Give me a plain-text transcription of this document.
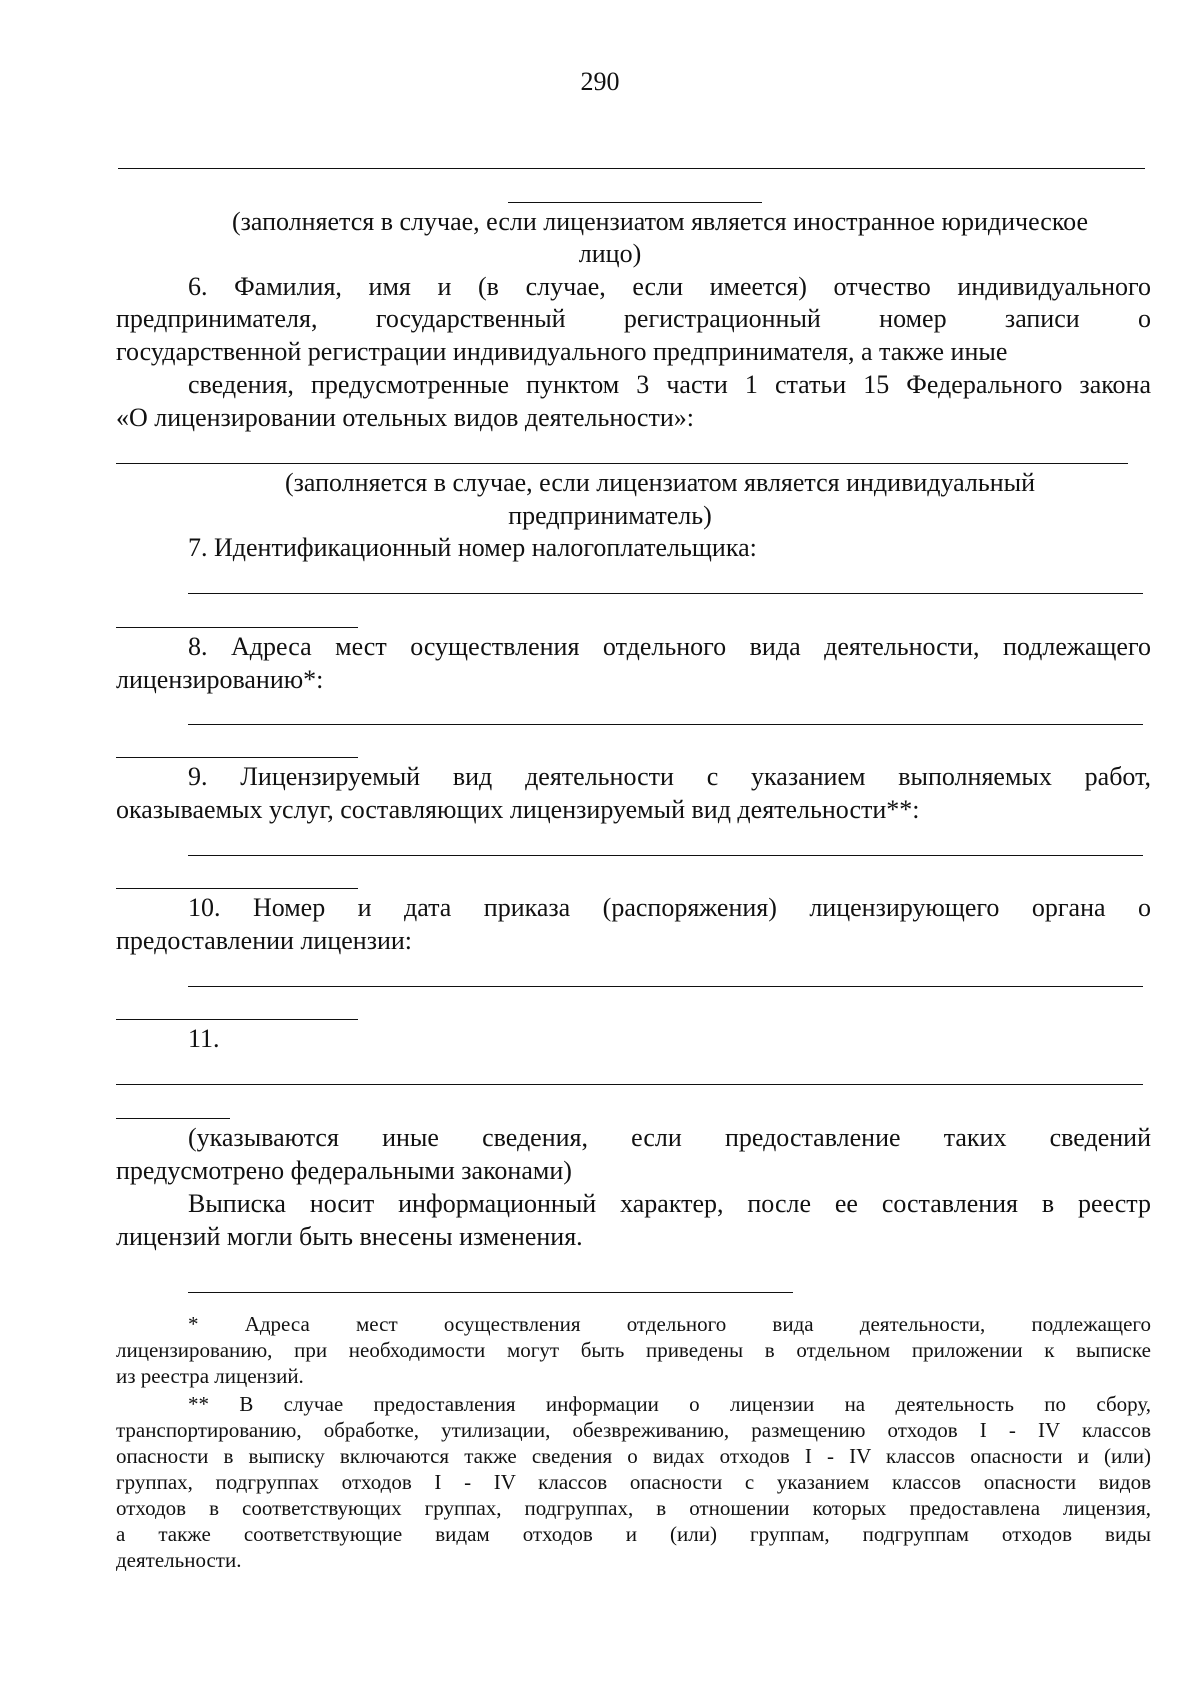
290
(заполняется в случае, если лицензиатом является иностранное юридическое
лицо)
6. Фамилия, имя и (в случае, если имеется) отчество индивидуального
предпринимателя, государственный регистрационный номер записи о
государственной регистрации индивидуального предпринимателя, а также иные
сведения, предусмотренные пунктом 3 части 1 статьи 15 Федерального закона
«О лицензировании отельных видов деятельности»:
(заполняется в случае, если лицензиатом является индивидуальный
предприниматель)
7. Идентификационный номер налогоплательщика:
8. Адреса мест осуществления отдельного вида деятельности, подлежащего
лицензированию*:
9. Лицензируемый вид деятельности с указанием выполняемых работ,
оказываемых услуг, составляющих лицензируемый вид деятельности**:
10. Номер и дата приказа (распоряжения) лицензирующего органа о
предоставлении лицензии:
11.
(указываются иные сведения, если предоставление таких сведений
предусмотрено федеральными законами)
Выписка носит информационный характер, после ее составления в реестр
лицензий могли быть внесены изменения.
* Адреса мест осуществления отдельного вида деятельности, подлежащего
лицензированию, при необходимости могут быть приведены в отдельном приложении к выписке
из реестра лицензий.
** В случае предоставления информации о лицензии на деятельность по сбору,
транспортированию, обработке, утилизации, обезвреживанию, размещению отходов I - IV классов
опасности в выписку включаются также сведения о видах отходов I - IV классов опасности и (или)
группах, подгруппах отходов I - IV классов опасности с указанием классов опасности видов
отходов в соответствующих группах, подгруппах, в отношении которых предоставлена лицензия,
а также соответствующие видам отходов и (или) группам, подгруппам отходов виды
деятельности.
